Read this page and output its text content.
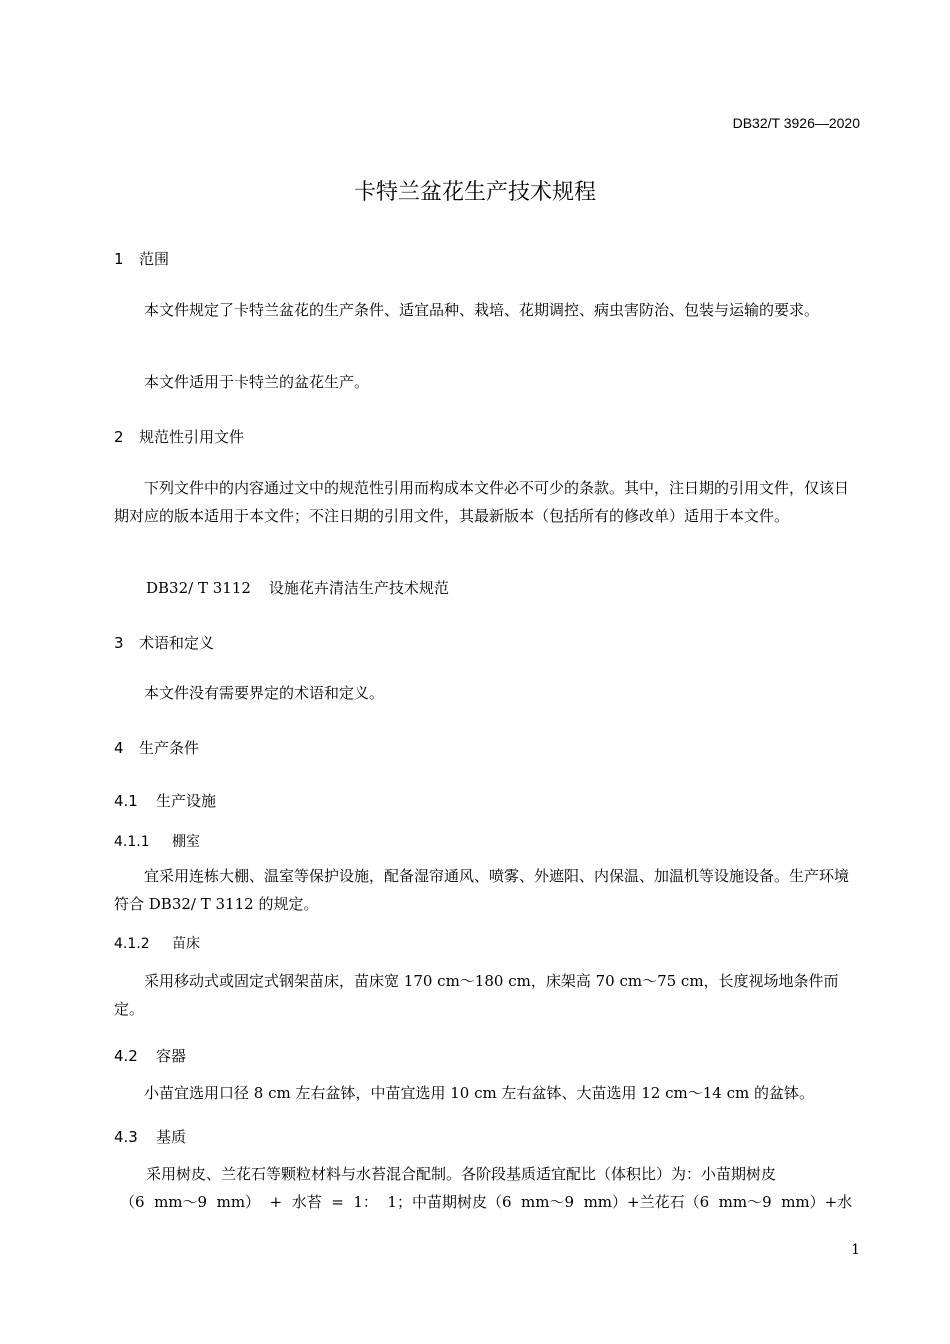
DB32/T 3926—2020
卡特兰盆花生产技术规程
1 范围
本文件规定了卡特兰盆花的生产条件、适宜品种、栽培、花期调控、病虫害防治、包装与运输的要求。
本文件适用于卡特兰的盆花生产。
2 规范性引用文件
下列文件中的内容通过文中的规范性引用而构成本文件必不可少的条款。其中，注日期的引用文件，仅该日期对应的版本适用于本文件；不注日期的引用文件，其最新版本（包括所有的修改单）适用于本文件。
DB32/ T 3112 设施花卉清洁生产技术规范
3 术语和定义
本文件没有需要界定的术语和定义。
4 生产条件
4.1 生产设施
4.1.1 棚室
宜采用连栋大棚、温室等保护设施，配备湿帘通风、喷雾、外遮阳、内保温、加温机等设施设备。生产环境符合 DB32/ T 3112 的规定。
4.1.2 苗床
采用移动式或固定式钢架苗床，苗床宽 170 cm～180 cm，床架高 70 cm～75 cm，长度视场地条件而定。
4.2 容器
小苗宜选用口径 8 cm 左右盆钵，中苗宜选用 10 cm 左右盆钵、大苗选用 12 cm～14 cm 的盆钵。
4.3 基质
采用树皮、兰花石等颗粒材料与水苔混合配制。各阶段基质适宜配比（体积比）为：小苗期树皮
（6  mm～9  mm）  +  水苔  =  1：  1；中苗期树皮（6  mm～9  mm）+兰花石（6  mm～9  mm）+水
1
